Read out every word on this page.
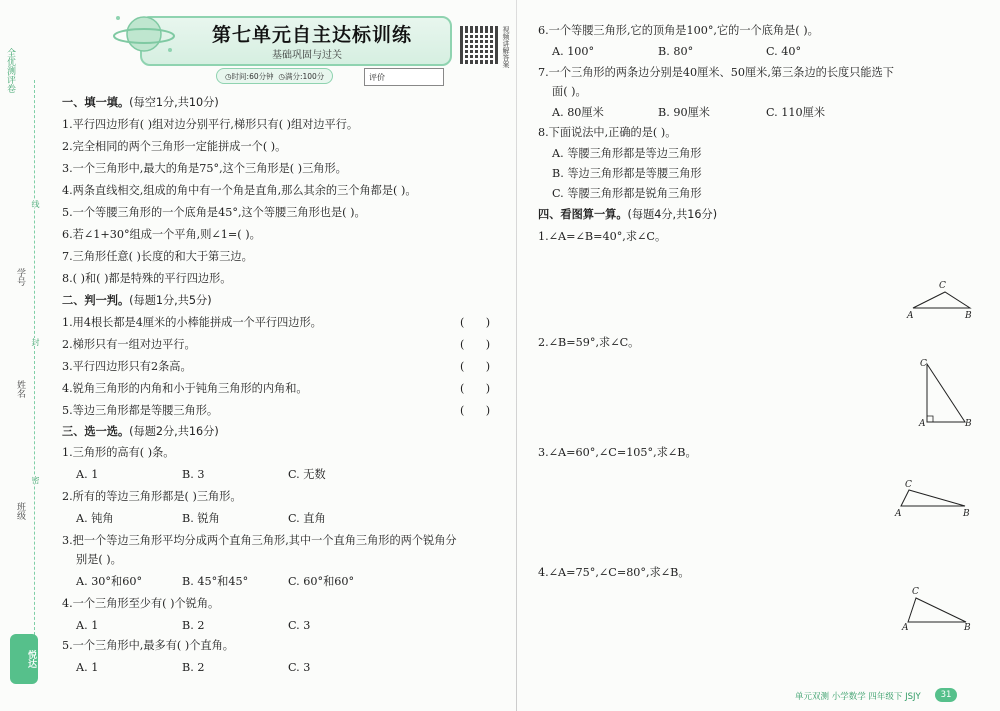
全优测评卷
学号
姓名
班级
线
封
密
悦达
第七单元自主达标训练
基础巩固与过关
◷时间:60分钟 ◷满分:100分	评价
视频讲解答案
一、填一填。(每空1分,共10分)
1.平行四边形有( )组对边分别平行,梯形只有( )组对边平行。
2.完全相同的两个三角形一定能拼成一个( )。
3.一个三角形中,最大的角是75°,这个三角形是( )三角形。
4.两条直线相交,组成的角中有一个角是直角,那么其余的三个角都是( )。
5.一个等腰三角形的一个底角是45°,这个等腰三角形也是( )。
6.若∠1+30°组成一个平角,则∠1=( )。
7.三角形任意( )长度的和大于第三边。
8.( )和( )都是特殊的平行四边形。
二、判一判。(每题1分,共5分)
1.用4根长都是4厘米的小棒能拼成一个平行四边形。	(      )
2.梯形只有一组对边平行。	(      )
3.平行四边形只有2条高。	(      )
4.锐角三角形的内角和小于钝角三角形的内角和。	(      )
5.等边三角形都是等腰三角形。	(      )
三、选一选。(每题2分,共16分)
1.三角形的高有( )条。
A. 1	B. 3	C. 无数
2.所有的等边三角形都是( )三角形。
A. 钝角	B. 锐角	C. 直角
3.把一个等边三角形平均分成两个直角三角形,其中一个直角三角形的两个锐角分
别是( )。
A. 30°和60°	B. 45°和45°	C. 60°和60°
4.一个三角形至少有( )个锐角。
A. 1	B. 2	C. 3
5.一个三角形中,最多有( )个直角。
A. 1	B. 2	C. 3
6.一个等腰三角形,它的顶角是100°,它的一个底角是( )。
A. 100°	B. 80°	C. 40°
7.一个三角形的两条边分别是40厘米、50厘米,第三条边的长度只能选下
面( )。
A. 80厘米	B. 90厘米	C. 110厘米
8.下面说法中,正确的是( )。
A. 等腰三角形都是等边三角形
B. 等边三角形都是等腰三角形
C. 等腰三角形都是锐角三角形
四、看图算一算。(每题4分,共16分)
1.∠A=∠B=40°,求∠C。
C
A	B
2.∠B=59°,求∠C。
C
A	B
3.∠A=60°,∠C=105°,求∠B。
C
A	B
4.∠A=75°,∠C=80°,求∠B。
C
A	B
单元双测 小学数学 四年级下 JSJY	31
